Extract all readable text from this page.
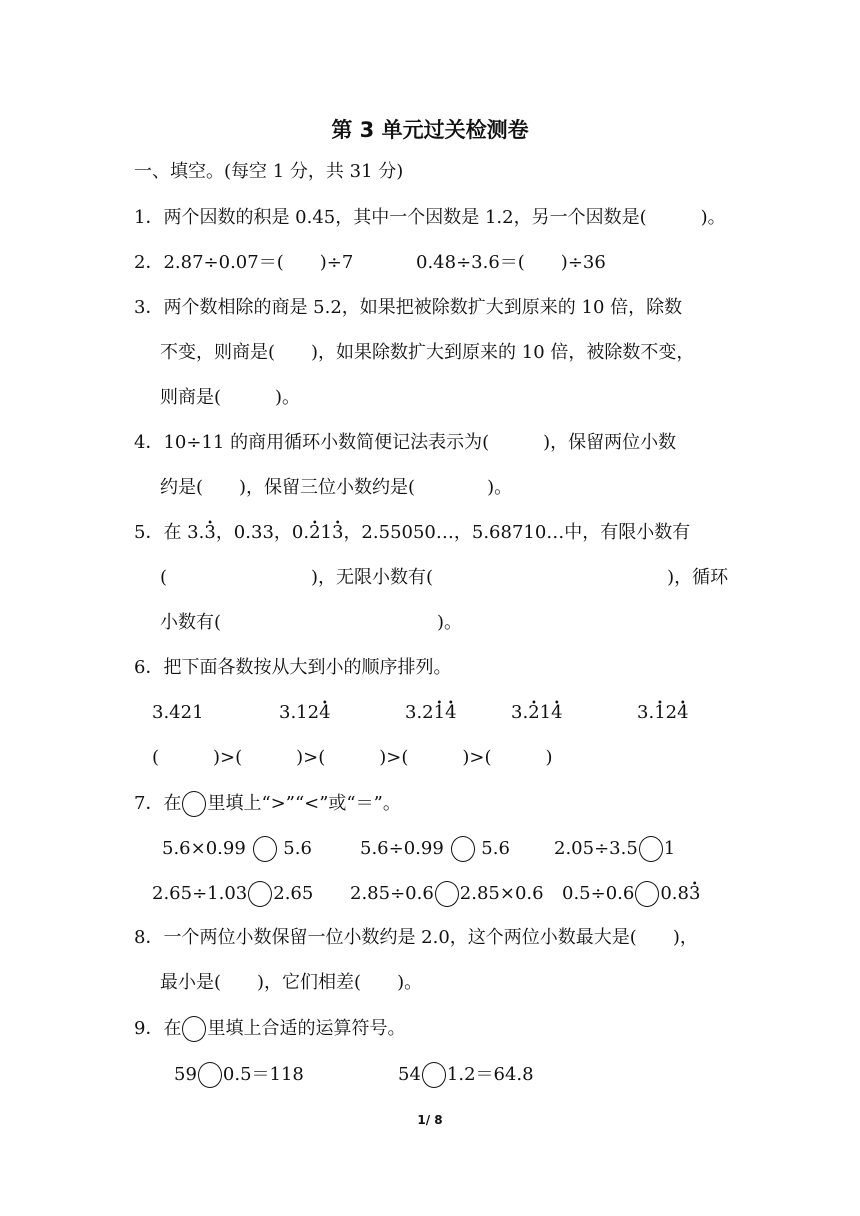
第 3 单元过关检测卷
一、填空。(每空 1 分，共 31 分)
1．两个因数的积是 0.45，其中一个因数是 1.2，另一个因数是(　　　)。
2．2.87÷0.07＝(　　)÷7	0.48÷3.6＝(　　)÷36
3．两个数相除的商是 5.2，如果把被除数扩大到原来的 10 倍，除数
不变，则商是(　　)，如果除数扩大到原来的 10 倍，被除数不变，
则商是(　　　)。
4．10÷11 的商用循环小数简便记法表示为(　　　)，保留两位小数
约是(　　)，保留三位小数约是(　　　　)。
5．在 3.• 3，0.33，0.• 21• 3，2.55050…，5.68710…中，有限小数有
(　　　　　　　　)，无限小数有(　　　　　　　　　　　　　)，循环
小数有(　　　　　　　　　　　　)。
6．把下面各数按从大到小的顺序排列。
3.421	3.12• 4	3.2• 1• 4	3.• 21• 4	3.• 12• 4
(　　　)>(　　　)>(　　　)>(　　　)>(　　　)
7．在 里填上“>”“<”或“＝”。
5.6×0.99 5.6	5.6÷0.99 5.6 2.05÷3.5 1
2.65÷1.03 2.65 2.85÷0.6 2.85×0.6 0.5÷0.6 0.8• 3
8．一个两位小数保留一位小数约是 2.0，这个两位小数最大是(　　)，
最小是(　　)，它们相差(　　)。
9．在 里填上合适的运算符号。
59 0.5＝118	54 1.2＝64.8
1/ 8
